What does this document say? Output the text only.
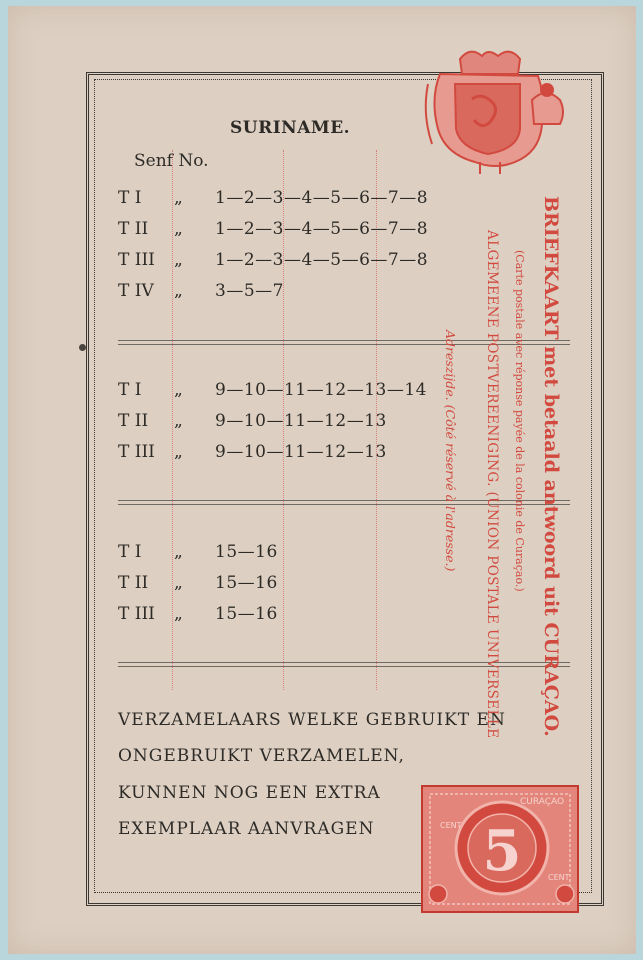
SURINAME.
Senf No.
T I	„ 1—2—3—4—5—6—7—8
T II	„ 1—2—3—4—5—6—7—8
T III	„ 1—2—3—4—5—6—7—8
T IV	„ 3—5—7
T I	„ 9—10—11—12—13—14
T II	„ 9—10—11—12—13
T III	„ 9—10—11—12—13
T I	„ 15—16
T II	„ 15—16
T III	„ 15—16
VERZAMELAARS WELKE GEBRUIKT EN
ONGEBRUIKT VERZAMELEN,
KUNNEN NOG EEN EXTRA
EXEMPLAAR AANVRAGEN
BRIEFKAART met betaald antwoord uit CURAÇAO.
(Carte postale avec réponse payée de la colonie de Curaçao.)
ALGEMEENE POSTVEREENIGING. (UNION POSTALE UNIVERSELLE
Adreszijde. (Côté réservé à l'adresse.)
5
CURAÇAO
CENT
CENT
